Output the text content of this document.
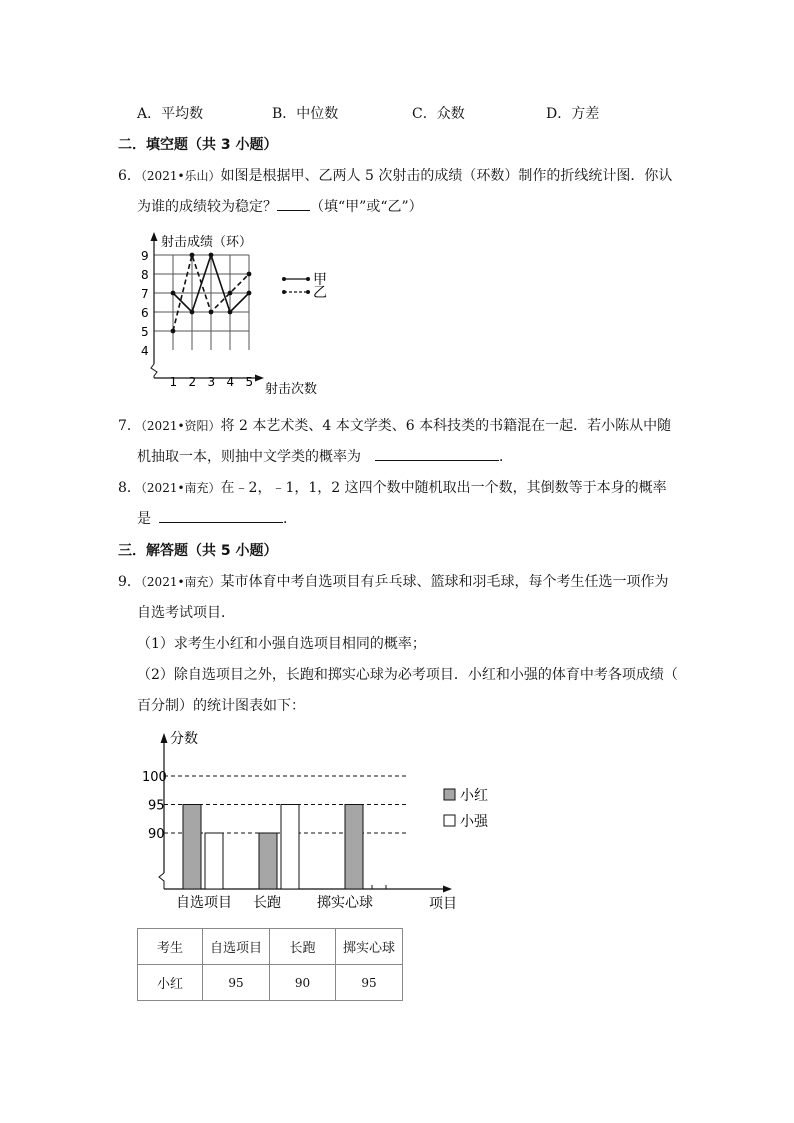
A．平均数	B．中位数	C．众数	D．方差
二．填空题（共 3 小题）
6．（2021•乐山）如图是根据甲、乙两人 5 次射击的成绩（环数）制作的折线统计图．你认
为谁的成绩较为稳定？ （填“甲”或“乙”）
4
5
6
7
8
9
1 2 3 4 5
甲
乙
射击成绩（环）
射击次数
7．（2021•资阳）将 2 本艺术类、4 本文学类、6 本科技类的书籍混在一起．若小陈从中随
机抽取一本，则抽中文学类的概率为	．
8．（2021•南充）在﹣2，﹣1，1，2 这四个数中随机取出一个数，其倒数等于本身的概率
是	．
三．解答题（共 5 小题）
9．（2021•南充）某市体育中考自选项目有乒乓球、篮球和羽毛球，每个考生任选一项作为
自选考试项目．
（1）求考生小红和小强自选项目相同的概率；
（2）除自选项目之外，长跑和掷实心球为必考项目．小红和小强的体育中考各项成绩（
百分制）的统计图表如下：
90
95
100
自选项目 长跑	掷实心球
小红
小强
分数
项目
考生	自选项目	长跑	掷实心球
小红	95	90	95
